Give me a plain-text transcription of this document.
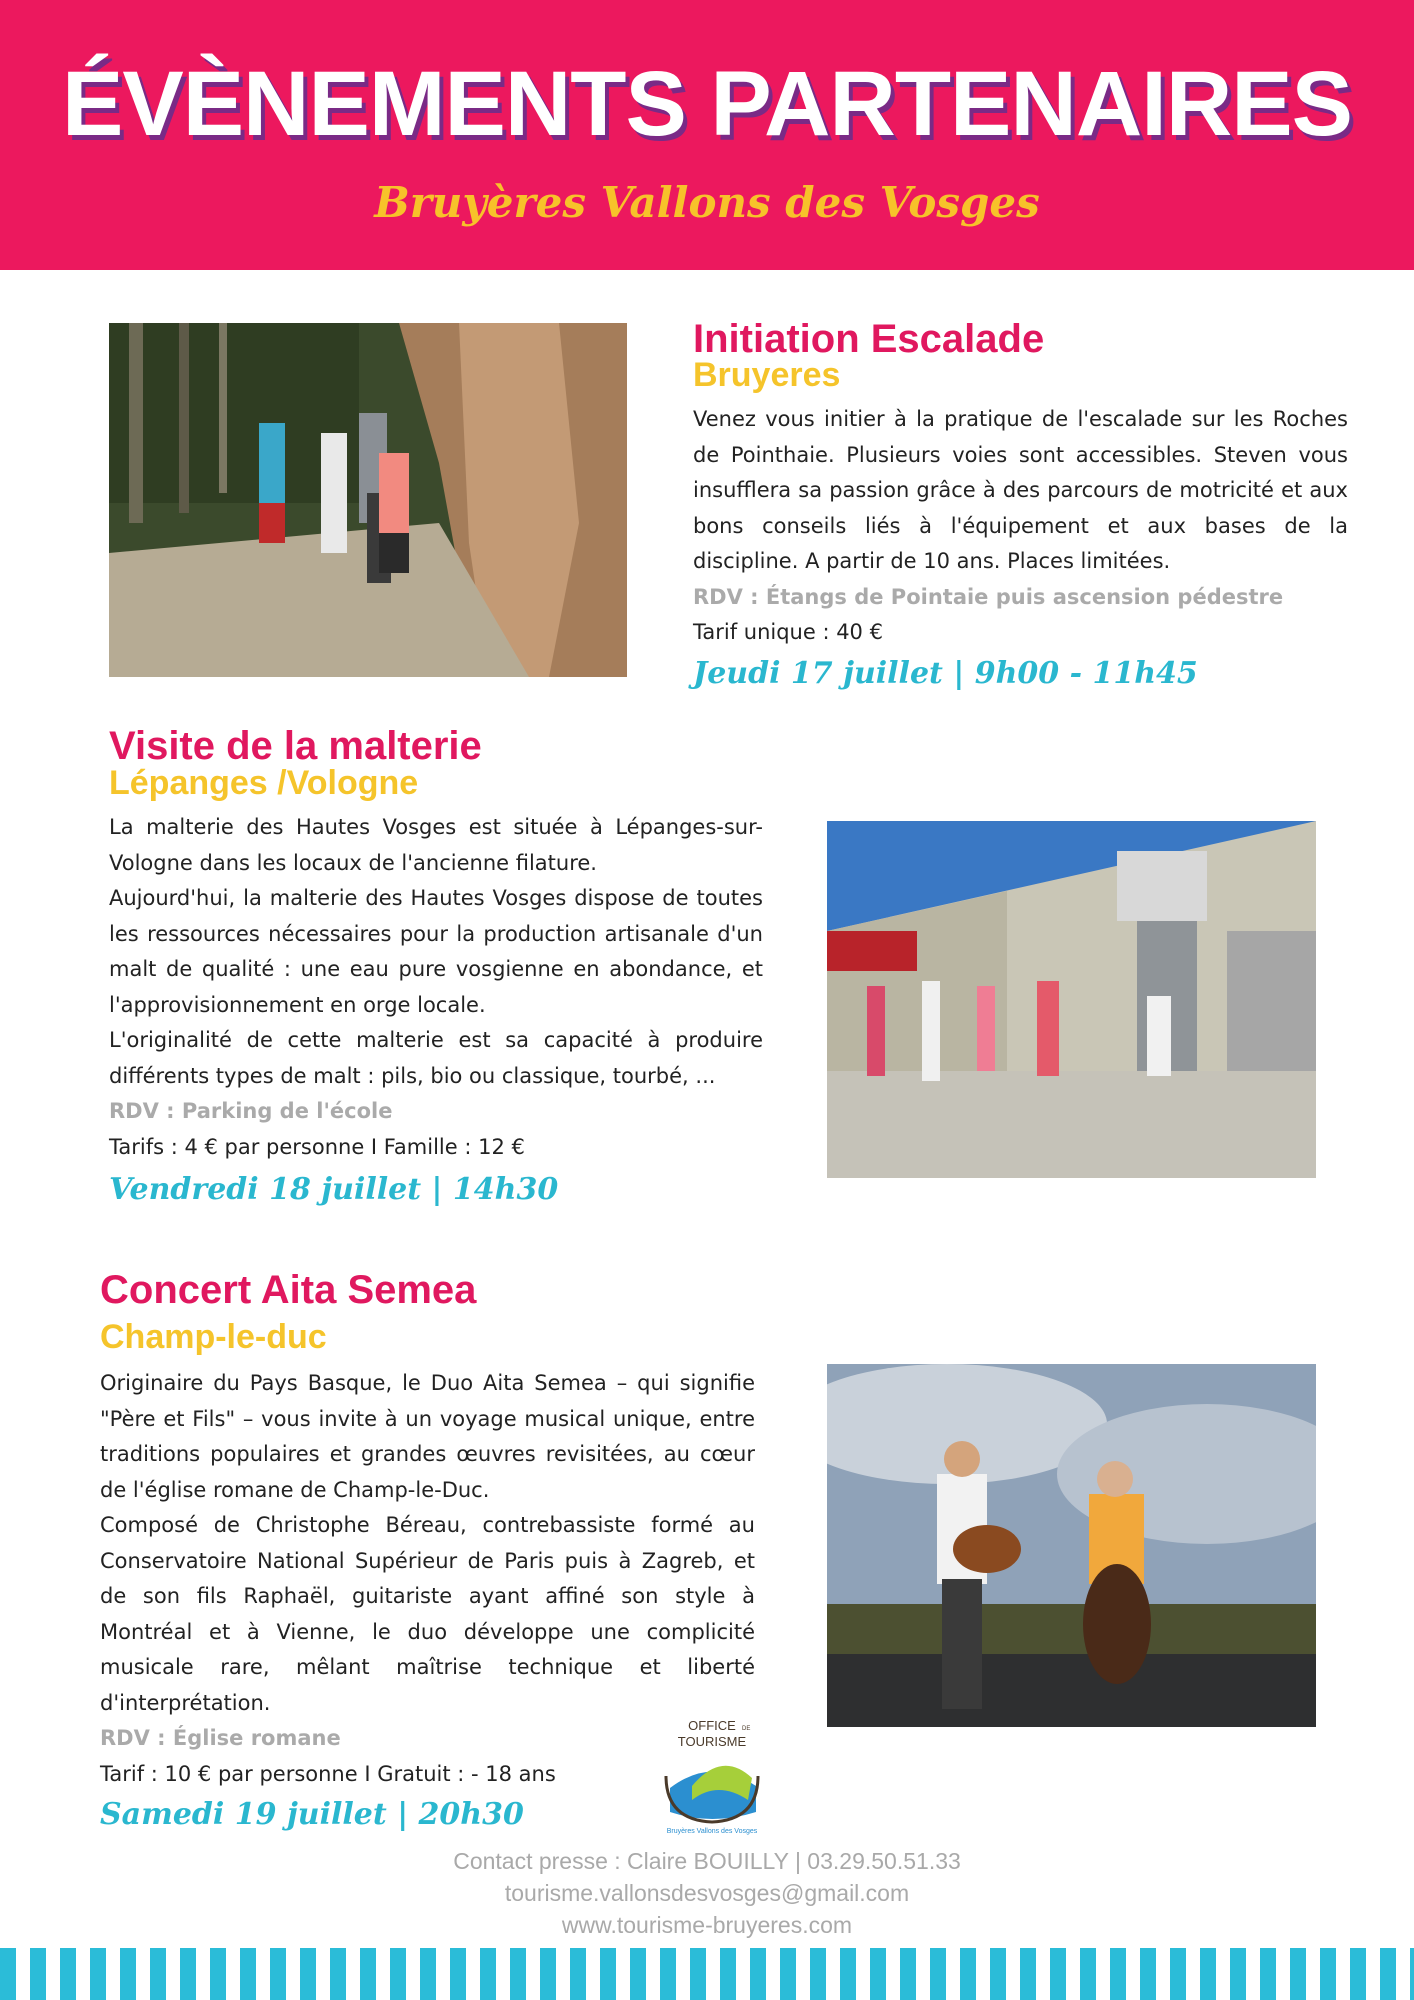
ÉVÈNEMENTS PARTENAIRES
Bruyères Vallons des Vosges
Initiation Escalade
Bruyeres

Venez vous initier à la pratique de l'escalade sur les Roches de Pointhaie. Plusieurs voies sont accessibles. Steven vous insufflera sa passion grâce à des parcours de motricité et aux bons conseils liés à l'équipement et aux bases de la discipline. A partir de 10 ans. Places limitées.

RDV : Étangs de Pointaie puis ascension pédestre

Tarif unique : 40 €

Jeudi 17 juillet | 9h00 - 11h45
Visite de la malterie
Lépanges /Vologne

La malterie des Hautes Vosges est située à Lépanges-sur-Vologne dans les locaux de l'ancienne filature.

Aujourd'hui, la malterie des Hautes Vosges dispose de toutes les ressources nécessaires pour la production artisanale d'un malt de qualité : une eau pure vosgienne en abondance, et l'approvisionnement en orge locale.

L'originalité de cette malterie est sa capacité à produire différents types de malt : pils, bio ou classique, tourbé, ...

RDV : Parking de l'école

Tarifs : 4 € par personne I Famille : 12 €

Vendredi 18 juillet | 14h30
Concert Aita Semea
Champ-le-duc

Originaire du Pays Basque, le Duo Aita Semea – qui signifie "Père et Fils" – vous invite à un voyage musical unique, entre traditions populaires et grandes œuvres revisitées, au cœur de l'église romane de Champ-le-Duc.

Composé de Christophe Béreau, contrebassiste formé au Conservatoire National Supérieur de Paris puis à Zagreb, et de son fils Raphaël, guitariste ayant affiné son style à Montréal et à Vienne, le duo développe une complicité musicale rare, mêlant maîtrise technique et liberté d'interprétation.

RDV : Église romane

Tarif : 10 € par personne I Gratuit : - 18 ans

Samedi 19 juillet | 20h30
OFFICE DE
TOURISME
Bruyères Vallons des Vosges
Contact presse : Claire BOUILLY | 03.29.50.51.33
tourisme.vallonsdesvosges@gmail.com
www.tourisme-bruyeres.com
